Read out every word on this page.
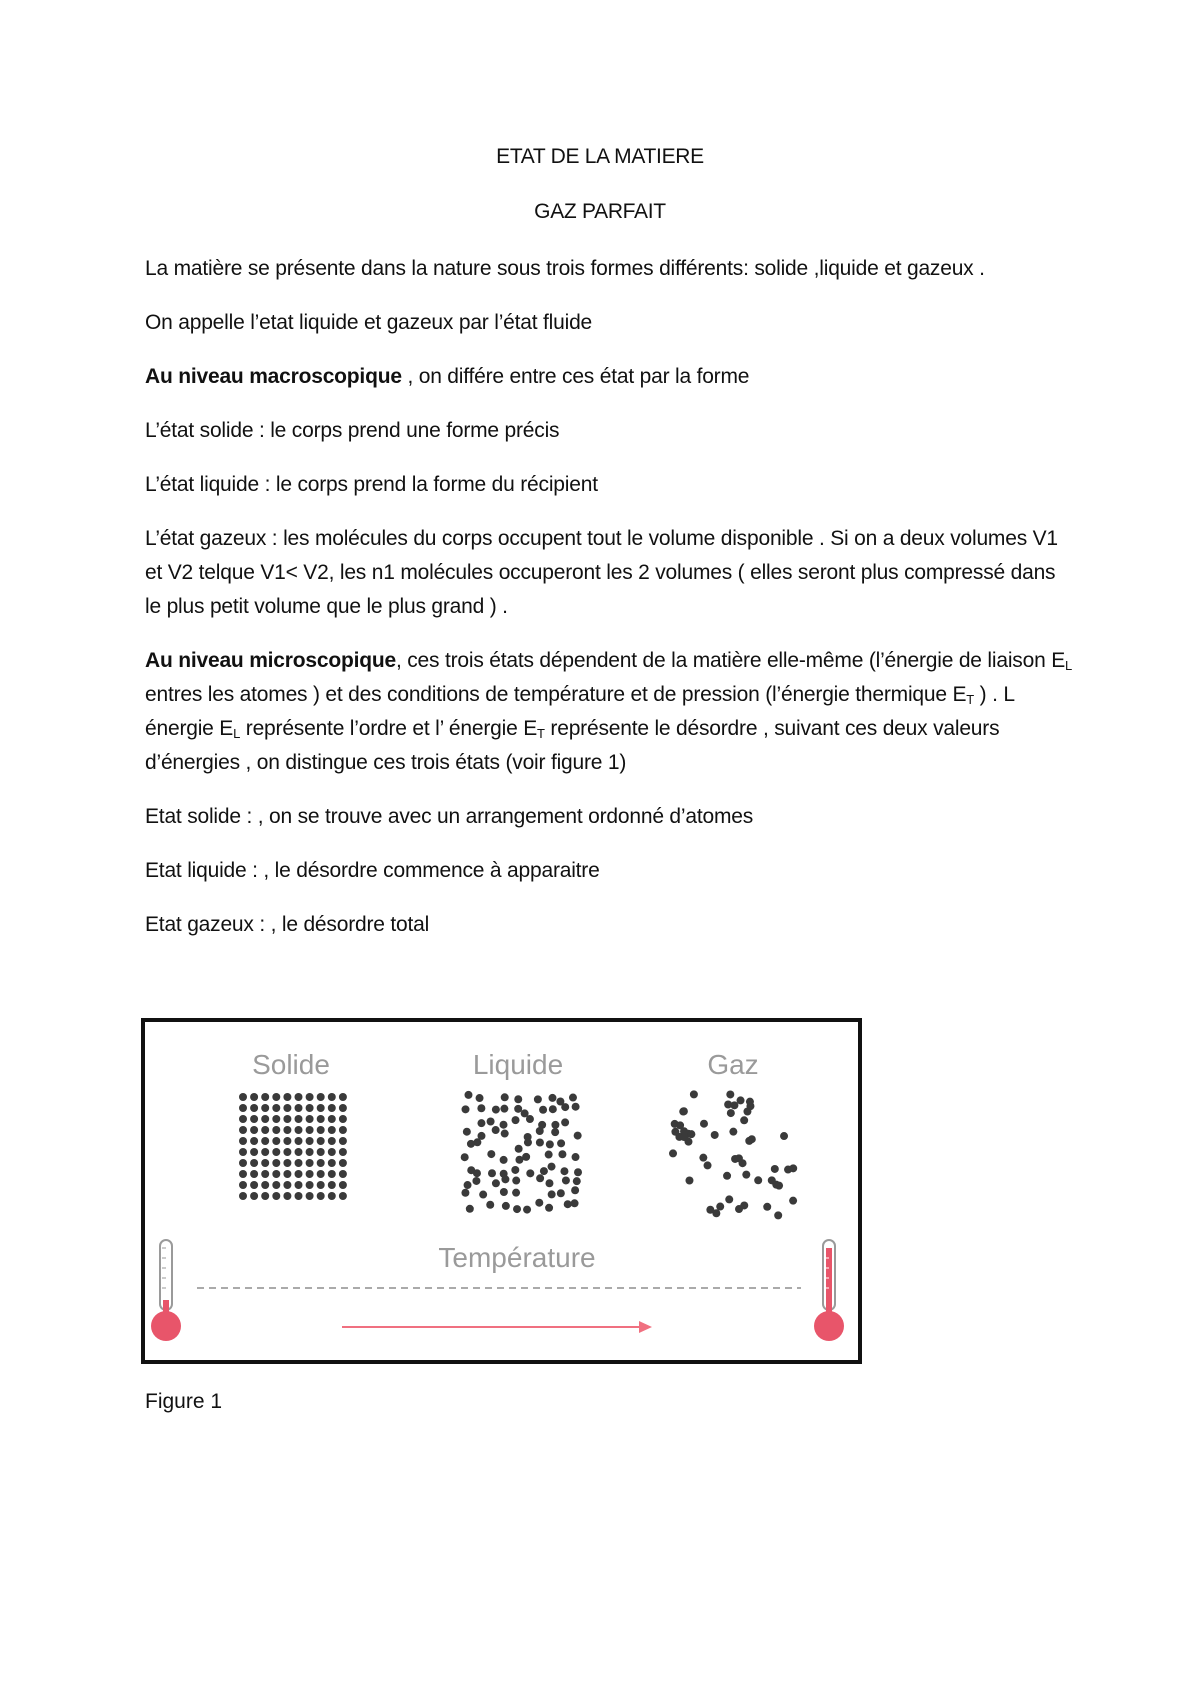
ETAT DE LA MATIERE
GAZ PARFAIT

La matière se présente dans la nature sous trois formes différents: solide ,liquide et gazeux .

On appelle l’etat liquide et gazeux par l’état fluide

Au niveau macroscopique , on différe entre ces état par la forme

L’état solide : le corps prend une forme précis

L’état liquide : le corps prend la forme du récipient

L’état gazeux : les molécules du corps occupent tout le volume disponible . Si on a deux volumes V1 et V2 telque V1< V2, les n1 molécules occuperont les 2 volumes ( elles seront plus compressé dans le plus petit volume que le plus grand ) .

Au niveau microscopique, ces trois états dépendent de la matière elle-même (l’énergie de liaison $E_L$ entres les atomes ) et des conditions de température et de pression (l’énergie thermique $E_T$ ) . L énergie $E_L$ représente l’ordre et l’ énergie $E_T$ représente le désordre , suivant ces deux valeurs d’énergies , on distingue ces trois états (voir figure 1)

Etat solide : , on se trouve avec un arrangement ordonné d’atomes

Etat liquide : , le désordre commence à apparaitre

Etat gazeux : , le désordre total

Solide	Liquide	Gaz
Température
Figure 1
